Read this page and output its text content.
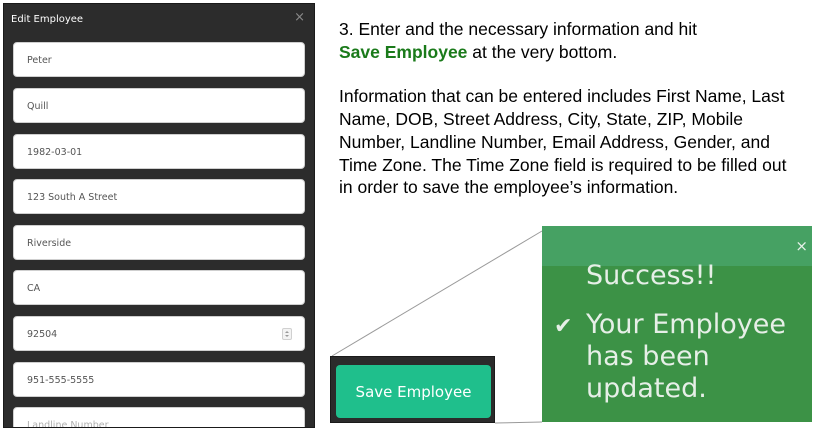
Edit Employee	×
Peter
Quill
1982-03-01
123 South A Street
Riverside
CA
92504
951-555-5555
Landline Number

3. Enter and the necessary information and hit
Save Employee at the very bottom.

Information that can be entered includes First Name, Last Name, DOB, Street Address, City, State, ZIP, Mobile Number, Landline Number, Email Address, Gender, and Time Zone. The Time Zone field is required to be filled out in order to save the employee’s information.

Save Employee
×
Success!!
✔ Your Employee has been updated.
